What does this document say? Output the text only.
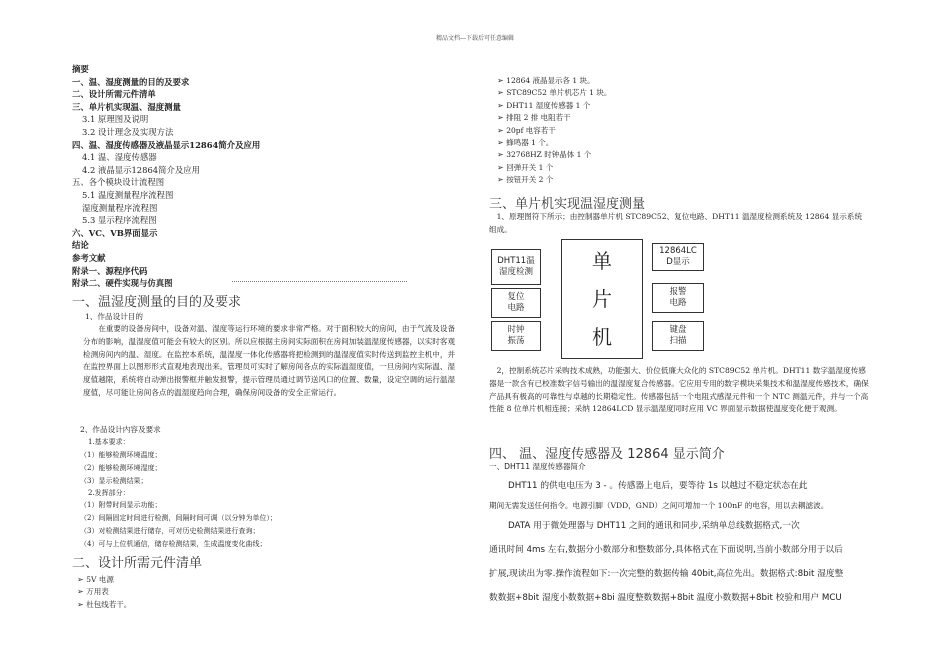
精品文档---下载后可任意编辑
摘要
一、温、湿度测量的目的及要求
二、设计所需元件清单
三、单片机实现温、湿度测量
3.1 原理图及说明
3.2 设计理念及实现方法
四、温、湿度传感器及液晶显示12864简介及应用
4.1 温、湿度传感器
4.2 液晶显示12864简介及应用
五、各个模块设计流程图
5.1 温度测量程序流程图
湿度测量程序流程图
5.3 显示程序流程图
六、VC、VB界面显示
结论
参考文献
附录一、源程序代码
附录二、硬件实现与仿真图
一、温湿度测量的目的及要求
1、作品设计目的
在重要的设备房间中，设备对温、湿度等运行环境的要求非常严格。对于面积较大的房间，由于气流及设备分布的影响，温湿度值可能会有较大的区别。所以应根据主房间实际面积在房间加装温湿度传感器，以实时客观检测房间内的温、湿度。在监控本系统，温湿度一体化传感器将把检测到的温湿度值实时传送到监控主机中，并在监控界面上以图形形式直观地表现出来。管理员可实时了解房间各点的实际温湿度值，一旦房间内实际温、湿度值越限，系统将自动弹出报警框并触发报警，提示管理员通过调节送风口的位置、数量，设定空调的运行温湿度值，尽可能让房间各点的温湿度趋向合理，确保房间设备的安全正常运行。
2、作品设计内容及要求
1.基本要求：
（1）能够检测环境温度；
（2）能够检测环境湿度；
（3）显示检测结果；
2.发挥部分：
（1）附带时间显示功能；
（2）间隔固定时间进行检测，间隔时间可调（以分钟为单位）；
（3）对检测结果进行储存，可对历史检测结果进行查询；
（4）可与上位机通信，储存检测结果，生成温度变化曲线；
二、设计所需元件清单
➢ 5V 电源
➢ 万用表
➢ 杜包线若干。
➢ 12864 液晶显示各 1 块。
➢ STC89C52 单片机芯片 1 块。
➢ DHT11 湿度传感器 1 个
➢ 排阻 2 排 电阻若干
➢ 20pf 电容若干
➢ 蜂鸣器 1 个。
➢ 32768HZ 时钟晶体 1 个
➢ 回弹开关 1 个
➢ 按钮开关 2 个
三、单片机实现温湿度测量
1、原理图符下所示；由控制器单片机 STC89C52、复位电路、DHT11 温湿度检测系统及 12864 显示系统组成。
DHT11温
湿度检测
复位
电路
时钟
振荡
单
片
机
12864LC
D显示
报警
电路
键盘
扫描
2，控制系统芯片采购技术成熟，功能强大、价位低廉大众化的 STC89C52 单片机。DHT11 数字温湿度传感器是一款含有已校准数字信号输出的温湿度复合传感器。它应用专用的数字模块采集技术和温湿度传感技术，确保产品具有极高的可靠性与卓越的长期稳定性。传感器包括一个电阻式感湿元件和一个 NTC 测温元件，并与一个高性能 8 位单片机相连接；采纳 12864LCD 显示温湿度同时应用 VC 界面显示数据使温度变化便于观测。
四、 温、湿度传感器及 12864 显示简介
一、DHT11 湿度传感器简介
DHT11 的供电电压为 3 - 。传感器上电后，要等待 1s 以越过不稳定状态在此
期间无需发送任何指令。电源引脚（VDD，GND）之间可增加一个 100nF 的电容，用以去耦滤波。
DATA 用于微处理器与 DHT11 之间的通讯和同步,采纳单总线数据格式,一次
通讯时间 4ms 左右,数据分小数部分和整数部分,具体格式在下面说明,当前小数部分用于以后
扩展,现读出为零.操作流程如下:一次完整的数据传输 40bit,高位先出。数据格式:8bit 湿度整
数数据+8bit 湿度小数数据+8bi 温度整数数据+8bit 温度小数数据+8bit 校验和用户 MCU
